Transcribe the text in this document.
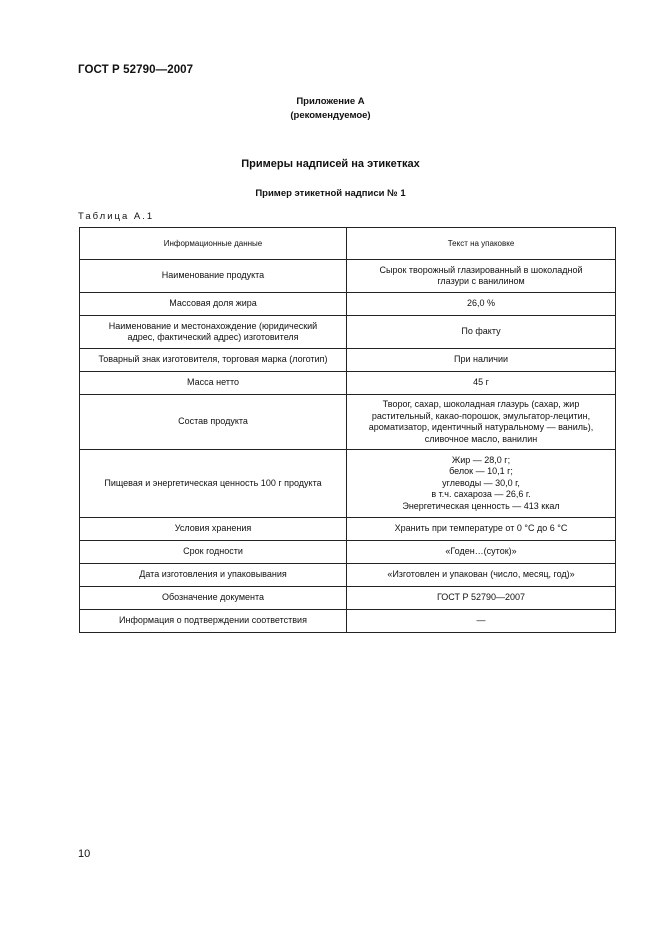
ГОСТ Р 52790—2007
Приложение А
(рекомендуемое)
Примеры надписей на этикетках
Пример этикетной надписи № 1
Таблица А.1
Информационные данные	Текст на упаковке
Наименование продукта	Сырок творожный глазированный в шоколадной
глазури с ванилином
Массовая доля жира	26,0 %
Наименование и местонахождение (юридический
адрес, фактический адрес) изготовителя	По факту
Товарный знак изготовителя, торговая марка (логотип)	При наличии
Масса нетто	45 г
Состав продукта	Творог, сахар, шоколадная глазурь (сахар, жир
растительный, какао-порошок, эмульгатор-лецитин,
ароматизатор, идентичный натуральному — ваниль),
сливочное масло, ванилин
Пищевая и энергетическая ценность 100 г продукта	Жир — 28,0 г;
белок — 10,1 г;
углеводы — 30,0 г,
в т.ч. сахароза — 26,6 г.
Энергетическая ценность — 413 ккал
Условия хранения	Хранить при температуре от 0 °С до 6 °С
Срок годности	«Годен…(суток)»
Дата изготовления и упаковывания	«Изготовлен и упакован (число, месяц, год)»
Обозначение документа	ГОСТ Р 52790—2007
Информация о подтверждении соответствия	—
10
